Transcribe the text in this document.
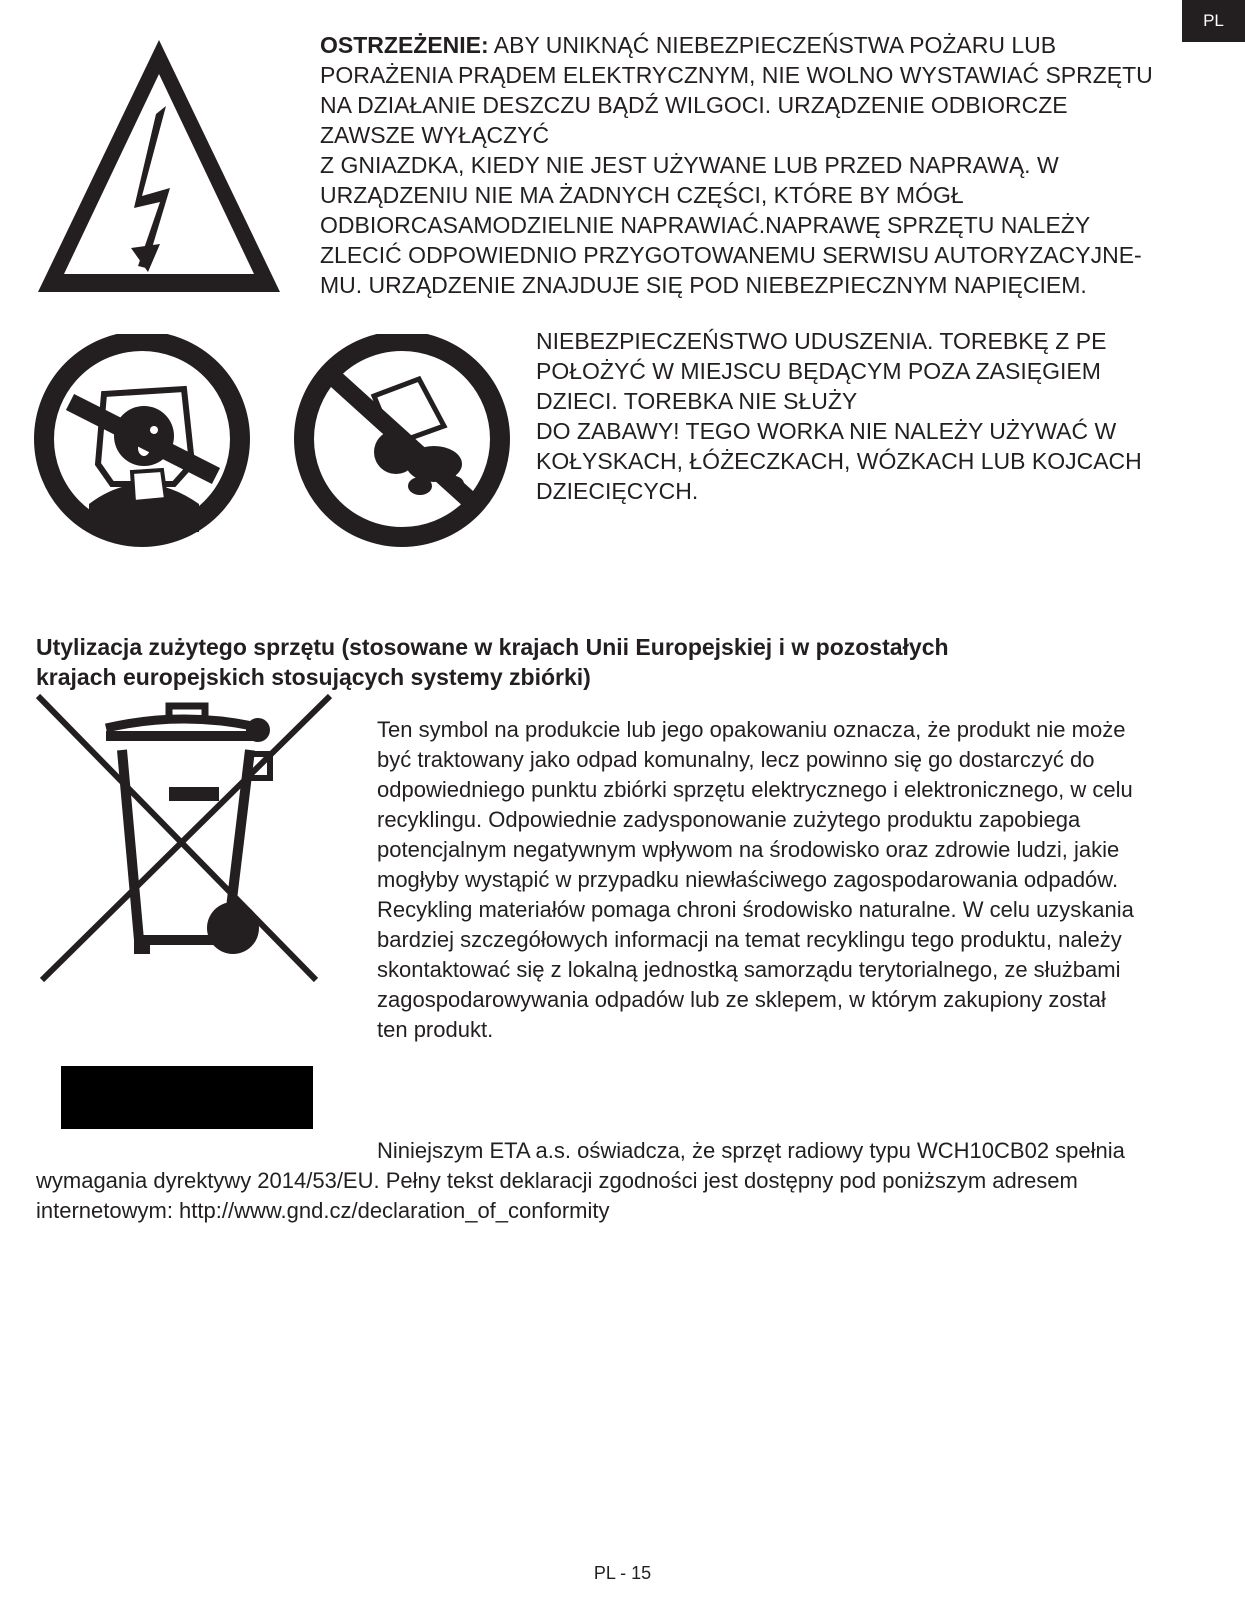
PL
OSTRZEŻENIE: ABY UNIKNĄĆ NIEBEZPIECZEŃSTWA POŻARU LUB
PORAŻENIA PRĄDEM ELEKTRYCZNYM, NIE WOLNO WYSTAWIAĆ SPRZĘTU
NA DZIAŁANIE DESZCZU BĄDŹ WILGOCI. URZĄDZENIE ODBIORCZE
ZAWSZE WYŁĄCZYĆ
Z GNIAZDKA, KIEDY NIE JEST UŻYWANE LUB PRZED NAPRAWĄ. W
URZĄDZENIU NIE MA ŻADNYCH CZĘŚCI, KTÓRE BY MÓGŁ
ODBIORCASAMODZIELNIE NAPRAWIAĆ.NAPRAWĘ SPRZĘTU NALEŻY
ZLECIĆ ODPOWIEDNIO PRZYGOTOWANEMU SERWISU AUTORYZACYJNE-
MU. URZĄDZENIE ZNAJDUJE SIĘ POD NIEBEZPIECZNYM NAPIĘCIEM.
NIEBEZPIECZEŃSTWO UDUSZENIA. TOREBKĘ Z PE
POŁOŻYĆ W MIEJSCU BĘDĄCYM POZA ZASIĘGIEM
DZIECI. TOREBKA NIE SŁUŻY
DO ZABAWY! TEGO WORKA NIE NALEŻY UŻYWAĆ W
KOŁYSKACH, ŁÓŻECZKACH, WÓZKACH LUB KOJCACH
DZIECIĘCYCH.
Utylizacja zużytego sprzętu (stosowane w krajach Unii Europejskiej i w pozostałych
krajach europejskich stosujących systemy zbiórki)
Ten symbol na produkcie lub jego opakowaniu oznacza, że produkt nie może
być traktowany jako odpad komunalny, lecz powinno się go dostarczyć do
odpowiedniego punktu zbiórki sprzętu elektrycznego i elektronicznego, w celu
recyklingu. Odpowiednie zadysponowanie zużytego produktu zapobiega
potencjalnym negatywnym wpływom na środowisko oraz zdrowie ludzi, jakie
mogłyby wystąpić w przypadku niewłaściwego zagospodarowania odpadów.
Recykling materiałów pomaga chroni środowisko naturalne. W celu uzyskania
bardziej szczegółowych informacji na temat recyklingu tego produktu, należy
skontaktować się z lokalną jednostką samorządu terytorialnego, ze służbami
zagospodarowywania odpadów lub ze sklepem, w którym zakupiony został
ten produkt.
Niniejszym ETA a.s. oświadcza, że sprzęt radiowy typu WCH10CB02 spełnia wymagania dyrektywy 2014/53/EU. Pełny tekst deklaracji zgodności jest dostępny pod poniższym adresem internetowym: http://www.gnd.cz/declaration_of_conformity
PL - 15
